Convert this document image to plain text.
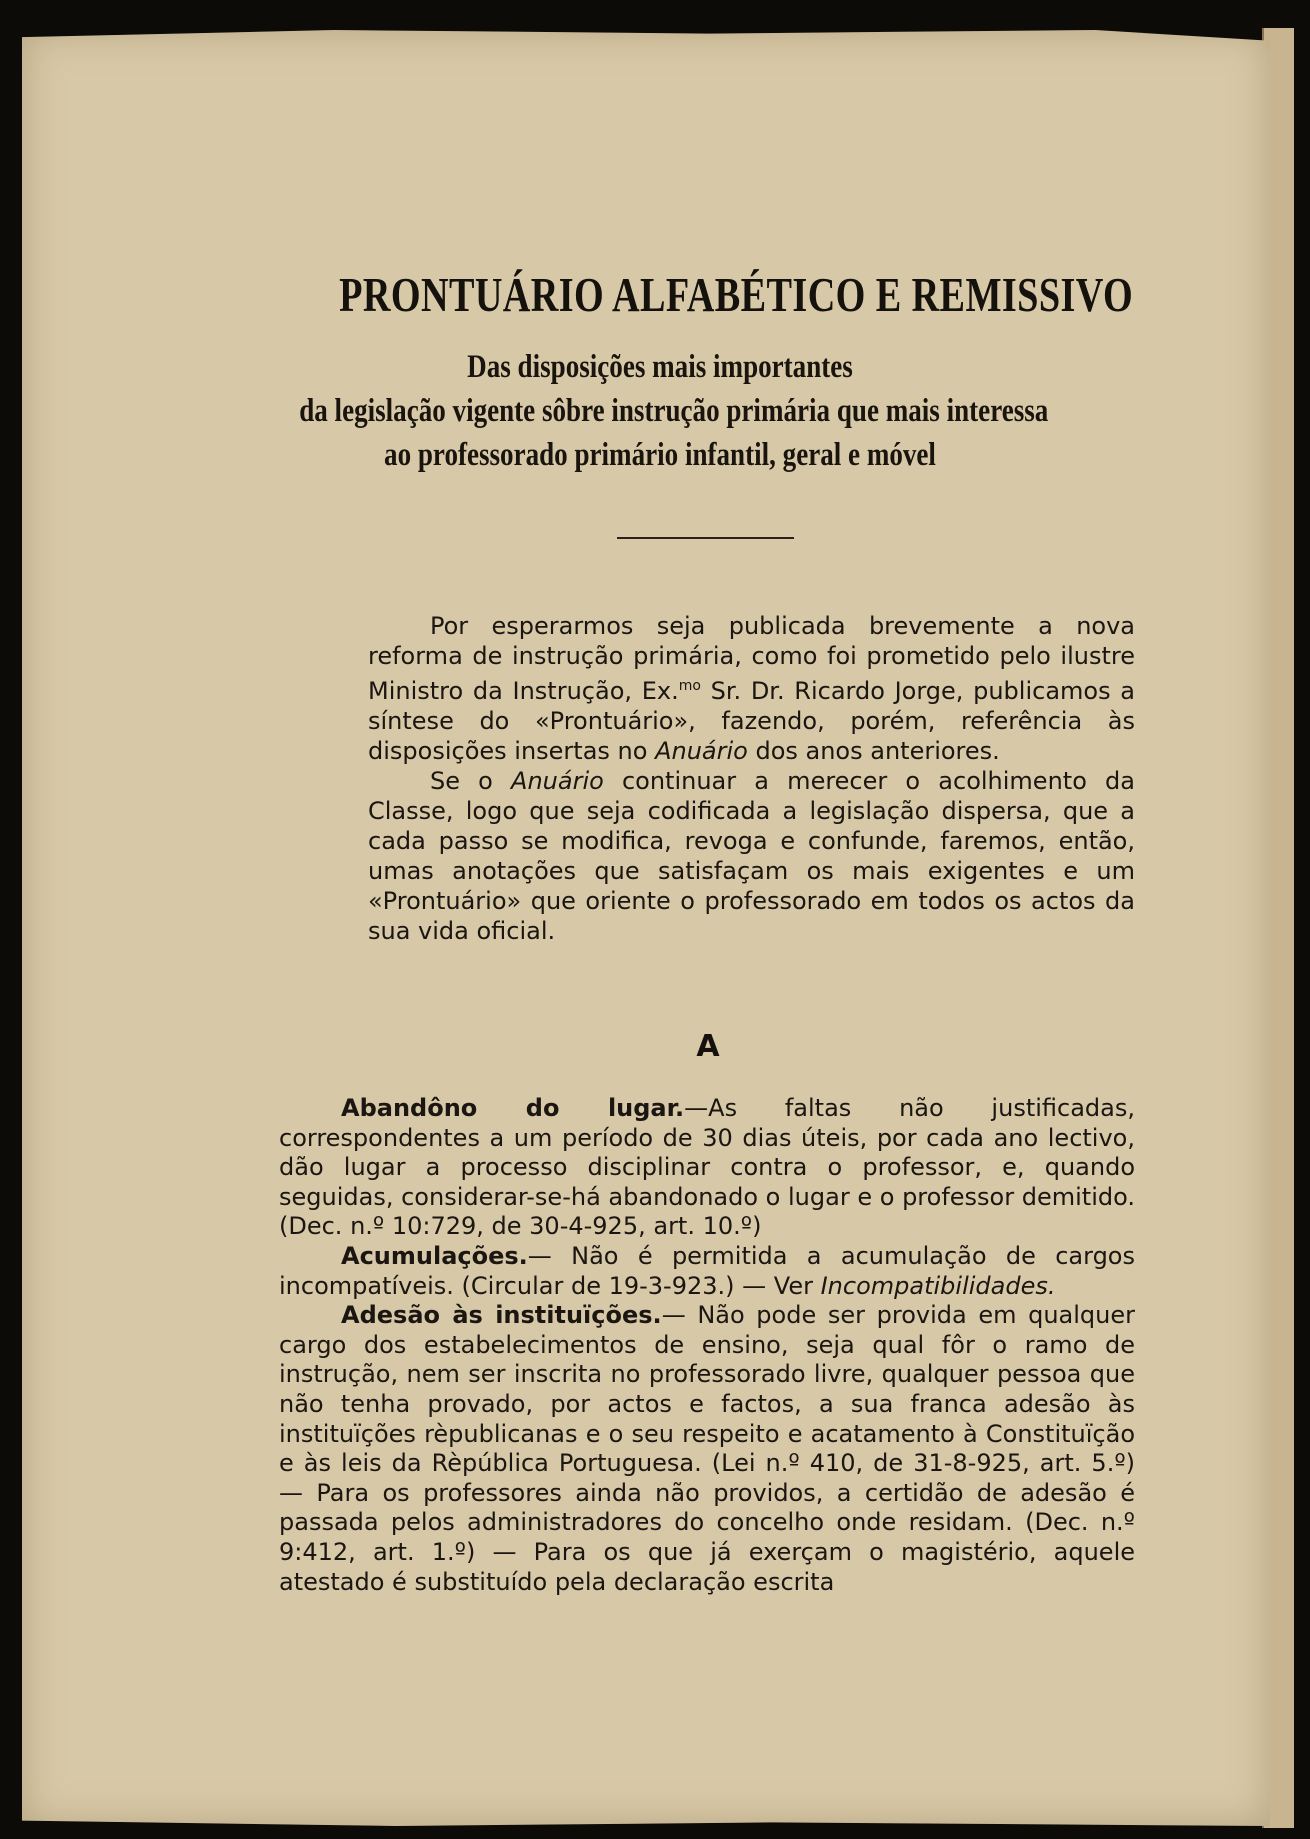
PRONTUÁRIO ALFABÉTICO E REMISSIVO
Das disposições mais importantes
da legislação vigente sôbre instrução primária que mais interessa
ao professorado primário infantil, geral e móvel

Por esperarmos seja publicada brevemente a nova reforma de instrução primária, como foi prometido pelo ilustre Ministro da Instrução, Ex.$^{mo}$ Sr. Dr. Ricardo Jorge, publicamos a síntese do «Prontuário», fazendo, porém, referência às disposições insertas no Anuário dos anos anteriores.

Se o Anuário continuar a merecer o acolhimento da Classe, logo que seja codificada a legislação dispersa, que a cada passo se modifica, revoga e confunde, faremos, então, umas anotações que satisfaçam os mais exigentes e um «Prontuário» que oriente o professorado em todos os actos da sua vida oficial.

A

Abandôno do lugar.—As faltas não justificadas, correspondentes a um período de 30 dias úteis, por cada ano lectivo, dão lugar a processo disciplinar contra o professor, e, quando seguidas, considerar-se-há abandonado o lugar e o professor demitido. (Dec. n.º 10:729, de 30-4-925, art. 10.º)

Acumulações.— Não é permitida a acumulação de cargos incompatíveis. (Circular de 19-3-923.) — Ver Incompatibilidades.

Adesão às instituïções.— Não pode ser provida em qualquer cargo dos estabelecimentos de ensino, seja qual fôr o ramo de instrução, nem ser inscrita no professorado livre, qualquer pessoa que não tenha provado, por actos e factos, a sua franca adesão às instituïções rèpublicanas e o seu respeito e acatamento à Constituïção e às leis da Rèpública Portuguesa. (Lei n.º 410, de 31-8-925, art. 5.º) — Para os professores ainda não providos, a certidão de adesão é passada pelos administradores do concelho onde residam. (Dec. n.º 9:412, art. 1.º) — Para os que já exerçam o magistério, aquele atestado é substituído pela declaração escrita
